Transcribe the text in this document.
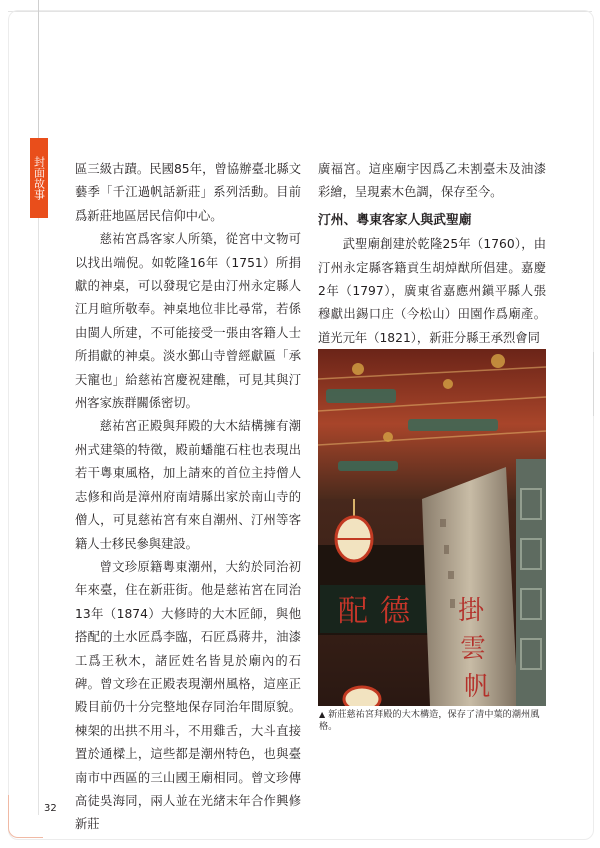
封面故事 區三級古蹟。民國85年，曾協辦臺北縣文藝季「千江過帆話新莊」系列活動。目前爲新莊地區居民信仰中心。

慈祐宮爲客家人所築，從宮中文物可以找出端倪。如乾隆16年（1751）所捐獻的神桌，可以發現它是由汀州永定縣人江月暄所敬奉。神桌地位非比尋常，若係由閩人所建，不可能接受一張由客籍人士所捐獻的神桌。淡水鄞山寺曾經獻匾「承天寵也」給慈祐宮慶祝建醮，可見其與汀州客家族群關係密切。

慈祐宮正殿與拜殿的大木結構擁有潮州式建築的特徵，殿前蟠龍石柱也表現出若干粵東風格，加上請來的首位主持僧人志修和尚是漳州府南靖縣出家於南山寺的僧人，可見慈祐宮有來自潮州、汀州等客籍人士移民參與建設。

曾文珍原籍粵東潮州，大約於同治初年來臺，住在新莊街。他是慈祐宮在同治13年（1874）大修時的大木匠師，與他搭配的土水匠爲李臨，石匠爲蔣井，油漆工爲王秋木，諸匠姓名皆見於廟內的石碑。曾文珍在正殿表現潮州風格，這座正殿目前仍十分完整地保存同治年間原貌。棟架的出拱不用斗，不用雞舌，大斗直接置於通樑上，這些都是潮州特色，也與臺南市中西區的三山國王廟相同。曾文珍傳高徒吳海同，兩人並在光緒末年合作興修新莊

廣福宮。這座廟宇因爲乙未割臺未及油漆彩繪，呈現素木色調，保存至今。

汀州、粵東客家人與武聖廟

武聖廟創建於乾隆25年（1760），由汀州永定縣客籍貢生胡焯猷所倡建。嘉慶2年（1797），廣東省嘉應州鎭平縣人張穆獻出錫口庄（今松山）田園作爲廟產。道光元年（1821），新莊分縣王承烈會同

配 德 掛
雲
帆
▲ 新莊慈祐宮拜殿的大木構造，保存了清中葉的潮州風格。
32
